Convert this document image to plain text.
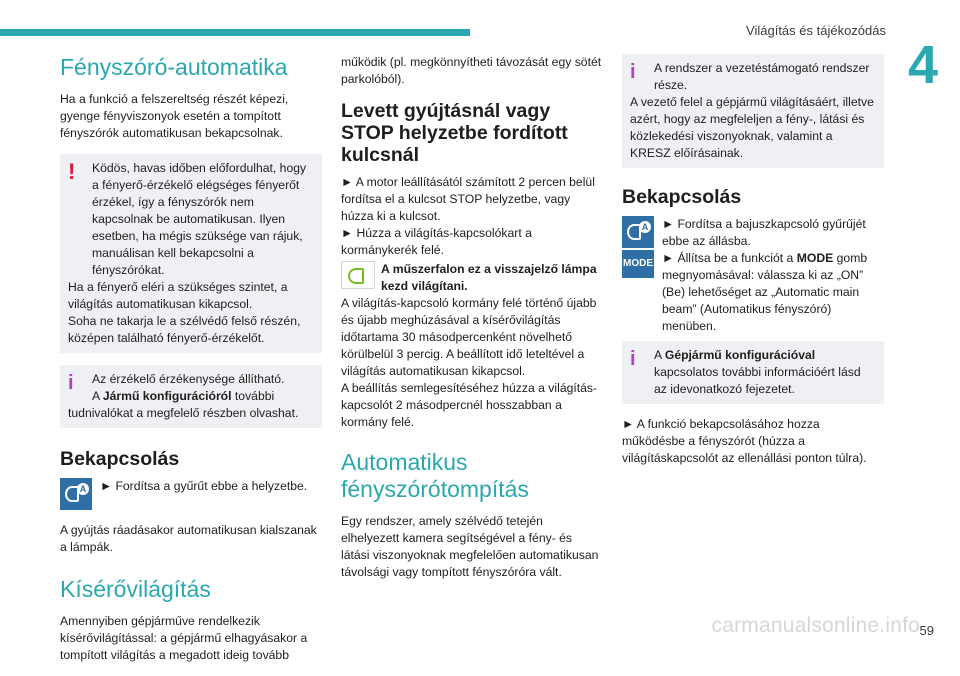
Világítás és tájékozódás
4
Fényszóró-automatika

Ha a funkció a felszereltség részét képezi, gyenge fényviszonyok esetén a tompított fényszórók automatikusan bekapcsolnak.

!	Ködös, havas időben előfordulhat, hogy a fényerő-érzékelő elégséges fényerőt érzékel, így a fényszórók nem kapcsolnak be automatikusan. Ilyen esetben, ha mégis szüksége van rájuk, manuálisan kell bekapcsolni a fényszórókat.
Ha a fényerő eléri a szükséges szintet, a világítás automatikusan kikapcsol.
Soha ne takarja le a szélvédő felső részén, középen található fényerő-érzékelőt.
i	Az érzékelő érzékenysége állítható.
A Jármű konfigurációról további tudnivalókat a megfelelő részben olvashat.
Bekapcsolás
A	► Fordítsa a gyűrűt ebbe a helyzetbe.

A gyújtás ráadásakor automatikusan kialszanak a lámpák.

Kísérővilágítás

Amennyiben gépjárműve rendelkezik kísérővilágítással: a gépjármű elhagyásakor a tompított világítás a megadott ideig tovább

működik (pl. megkönnyítheti távozását egy sötét parkolóból).

Levett gyújtásnál vagy STOP helyzetbe fordított kulcsnál

► A motor leállításától számított 2 percen belül fordítsa el a kulcsot STOP helyzetbe, vagy húzza ki a kulcsot.

► Húzza a világítás-kapcsolókart a kormánykerék felé.

A műszerfalon ez a visszajelző lámpa kezd világítani.

A világítás-kapcsoló kormány felé történő újabb és újabb meghúzásával a kísérővilágítás időtartama 30 másodpercenként növelhető körülbelül 3 percig. A beállított idő leteltével a világítás automatikusan kikapcsol.

A beállítás semlegesítéséhez húzza a világítás-kapcsolót 2 másodpercnél hosszabban a kormány felé.

Automatikus fényszórótompítás

Egy rendszer, amely szélvédő tetején elhelyezett kamera segítségével a fény- és látási viszonyoknak megfelelően automatikusan távolsági vagy tompított fényszóróra vált.

i	A rendszer a vezetéstámogató rendszer része.
A vezető felel a gépjármű világításáért, illetve azért, hogy az megfeleljen a fény-, látási és közlekedési viszonyoknak, valamint a KRESZ előírásainak.
Bekapcsolás
A
MODE
► Fordítsa a bajuszkapcsoló gyűrűjét ebbe az állásba.
► Állítsa be a funkciót a MODE gomb megnyomásával: válassza ki az „ON” (Be) lehetőséget az „Automatic main beam” (Automatikus fényszóró) menüben.
i	A Gépjármű konfigurációval kapcsolatos további információért lásd az idevonatkozó fejezetet.

► A funkció bekapcsolásához hozza működésbe a fényszórót (húzza a világításkapcsolót az ellenállási ponton túlra).

carmanualsonline.info 59
